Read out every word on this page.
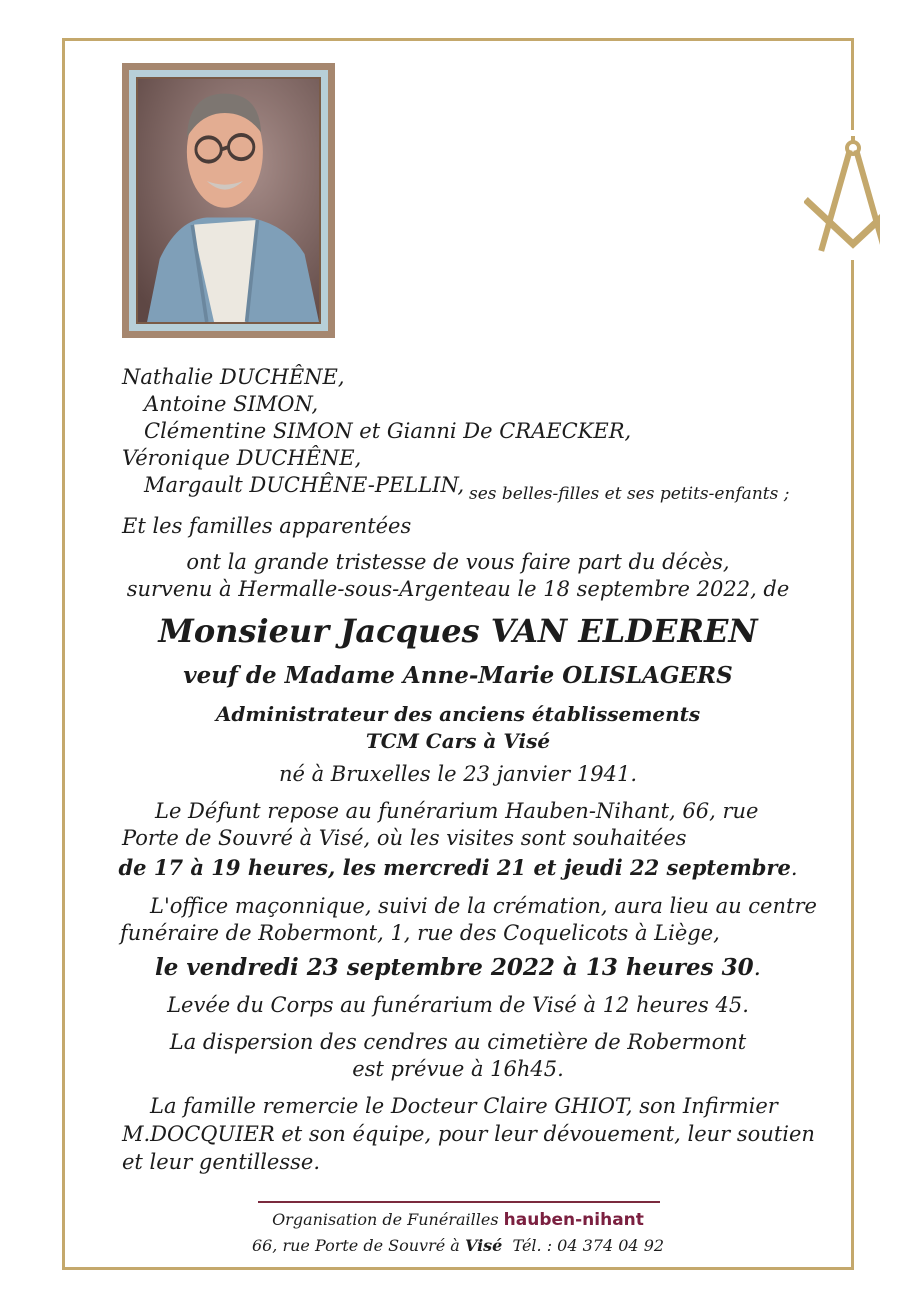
Nathalie DUCHÊNE,
Antoine SIMON,
Clémentine SIMON et Gianni De CRAECKER,
Véronique DUCHÊNE,
Margault DUCHÊNE-PELLIN, ses belles-filles et ses petits-enfants ;
Et les familles apparentées
ont la grande tristesse de vous faire part du décès,
survenu à Hermalle-sous-Argenteau le 18 septembre 2022, de
Monsieur Jacques VAN ELDEREN
veuf de Madame Anne-Marie OLISLAGERS
Administrateur des anciens établissements
TCM Cars à Visé
né à Bruxelles le 23 janvier 1941.
Le Défunt repose au funérarium Hauben-Nihant, 66, rue
Porte de Souvré à Visé, où les visites sont souhaitées
de 17 à 19 heures, les mercredi 21 et jeudi 22 septembre.
L'office maçonnique, suivi de la crémation, aura lieu au centre
funéraire de Robermont, 1, rue des Coquelicots à Liège,
le vendredi 23 septembre 2022 à 13 heures 30.
Levée du Corps au funérarium de Visé à 12 heures 45.
La dispersion des cendres au cimetière de Robermont
est prévue à 16h45.
La famille remercie le Docteur Claire GHIOT, son Infirmier
M.DOCQUIER et son équipe, pour leur dévouement, leur soutien
et leur gentillesse.
Organisation de Funérailles hauben-nihant
66, rue Porte de Souvré à Visé Tél. : 04 374 04 92
